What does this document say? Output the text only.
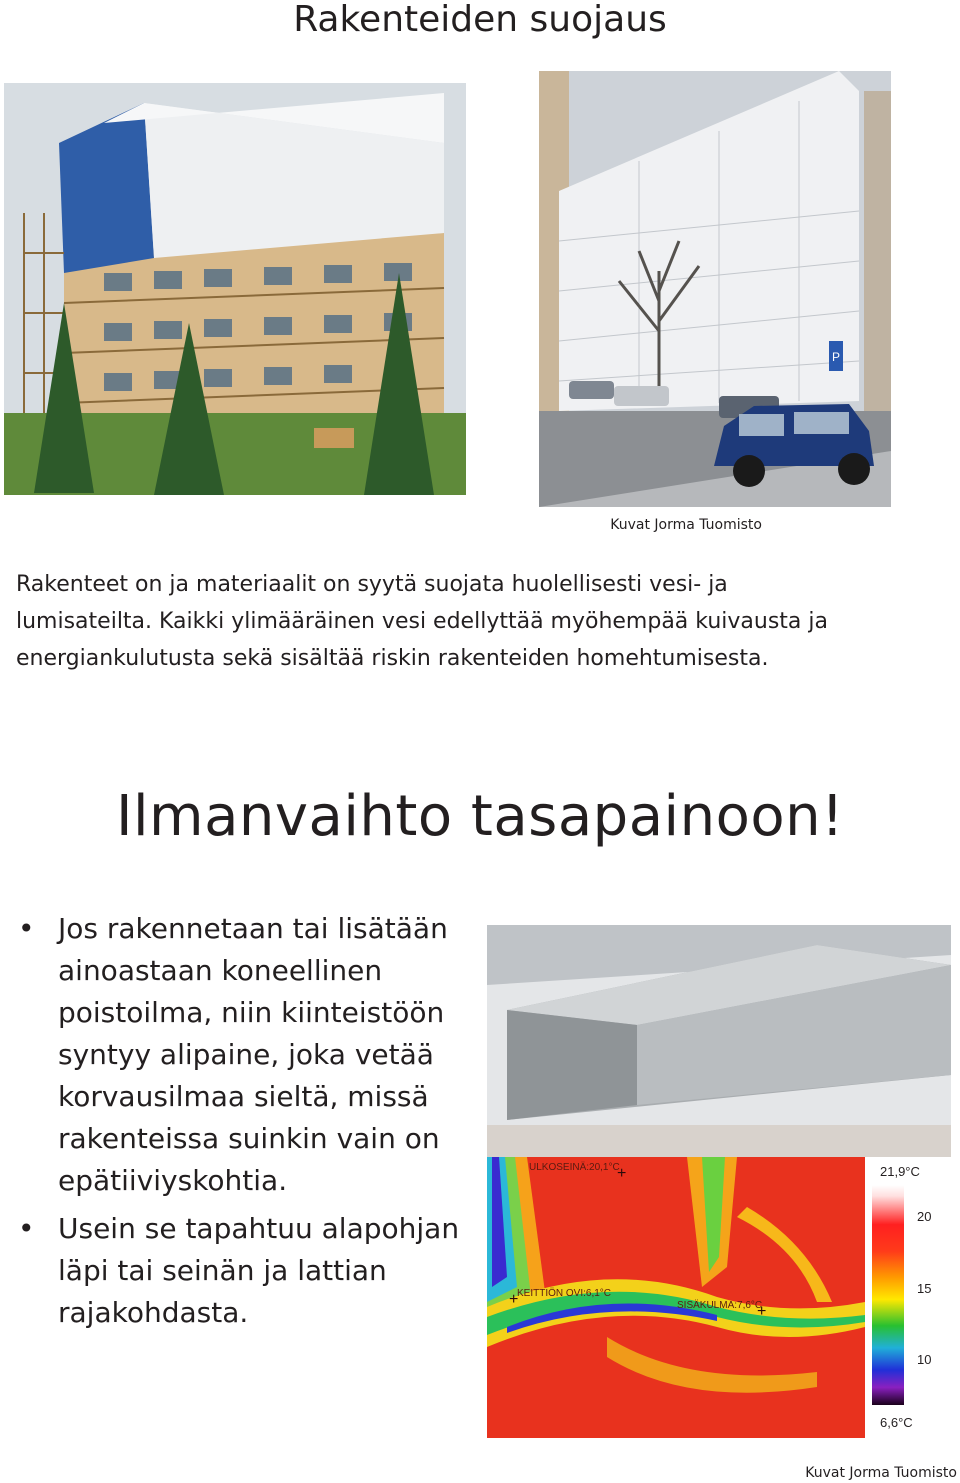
Rakenteiden suojaus
P
Kuvat Jorma Tuomisto
Rakenteet on ja materiaalit on syytä suojata huolellisesti vesi- ja lumisateilta. Kaikki ylimääräinen vesi edellyttää myöhempää kuivausta ja energiankulutusta sekä sisältää riskin rakenteiden homehtumisesta.
Ilmanvaihto tasapainoon!
• Jos rakennetaan tai lisätään ainoastaan koneellinen poistoilma, niin kiinteistöön syntyy alipaine, joka vetää korvausilmaa sieltä, missä rakenteissa suinkin vain on epätiiviyskohtia.
• Usein se tapahtuu alapohjan läpi tai seinän ja lattian rajakohdasta.
ULKOSEINÄ:20,1°C
+
KEITTIÖN OVI:6,1°C
+	SISÄKULMA:7,6°C
+
21,9°C
20
15
10
6,6°C
Kuvat Jorma Tuomisto
